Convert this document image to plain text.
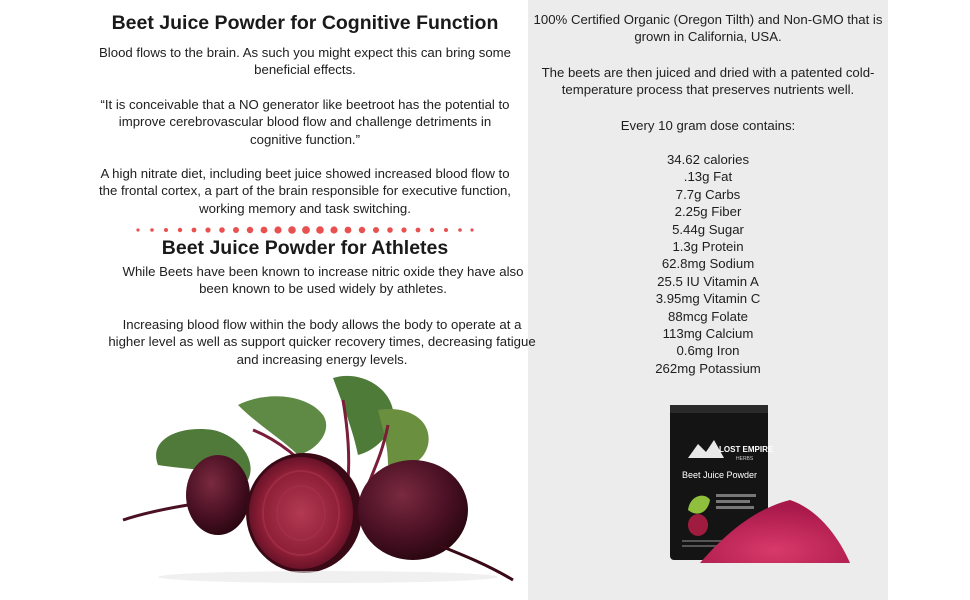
Beet Juice Powder for Cognitive Function
Blood flows to the brain. As such you might expect this can bring some
beneficial effects.
“It is conceivable that a NO generator like beetroot has the potential to
improve cerebrovascular blood flow and challenge detriments in
cognitive function.”
A high nitrate diet, including beet juice showed increased blood flow to
the frontal cortex, a part of the brain responsible for executive function,
working memory and task switching.
Beet Juice Powder for Athletes
While Beets have been known to increase nitric oxide they have also
been known to be used widely by athletes.
Increasing blood flow within the body allows the body to operate at a
higher level as well as support quicker recovery times, decreasing fatigue
and increasing energy levels.
100% Certified Organic (Oregon Tilth) and Non-GMO that is
grown in California, USA.
The beets are then juiced and dried with a patented cold-
temperature process that preserves nutrients well.
Every 10 gram dose contains:
34.62 calories
.13g Fat
7.7g Carbs
2.25g Fiber
5.44g Sugar
1.3g Protein
62.8mg Sodium
25.5 IU Vitamin A
3.95mg Vitamin C
88mcg Folate
113mg Calcium
0.6mg Iron
262mg Potassium
LOST EMPIRE
HERBS
Beet Juice Powder
